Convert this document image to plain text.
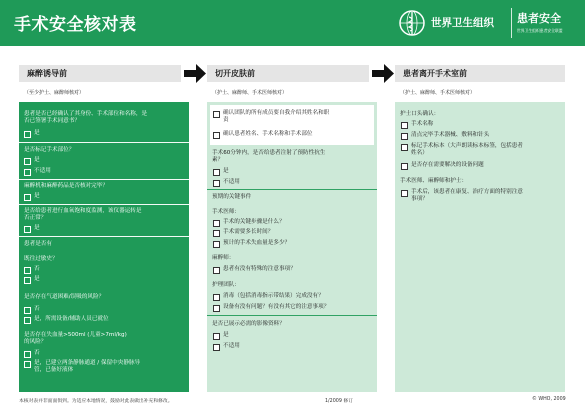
手术安全核对表	世界卫生组织 患者安全
世界卫生组织患者安全联盟
麻醉诱导前	切开皮肤前	患者离开手术室前
（至少护士、麻醉师核对）	（护士、麻醉师、手术医师核对）	（护士、麻醉师、手术医师核对）
患者是否已经确认了其身份、手术部位和名称，是
否已签署手术同意书？
是
是否标记手术部位？
是
不适用
麻醉机和麻醉药品是否核对完毕？
是
是否给患者进行血氧饱和度监测，该仪器运转是
否正常？
是
患者是否有
既往过敏史？
否
是
是否存在气道困难/误吸的风险？
否
是，所需设备/辅助人员已就位
是否存在失血量>500ml (儿童>7ml/kg)
的风险？
否
是，已建立两条静脉通道 / 保留中央静脉导
管，已备好液体
确认团队的所有成员要自我介绍其姓名和职
责
确认患者姓名、手术名称和手术部位
手术60分钟内，是否给患者注射了预防性抗生
素？
是
不适用
预期的关键事件
手术医师：
手术的关键步骤是什么？
手术需要多长时间？
预计的手术失血量是多少？
麻醉师：
患者有没有特殊的注意事项？
护理团队：
消毒（包括消毒指示带结果）完成没有？
设备有没有问题？有没有其它的注意事项？
是否已展示必需的影像资料？
是
不适用
护士口头确认：
手术名称
清点完毕手术器械、敷料和针头
标记手术标本（大声朗读标本标签，包括患者
姓名）
是否存在需要解决的设备问题
手术医师、麻醉师和护士：
手术后，该患者在康复、治疗方面的特别注意
事项？
本核对表并非面面俱到。为适应本地情况，鼓励对此表做出补充和修改。	1/2009 修订	© WHO, 2009
